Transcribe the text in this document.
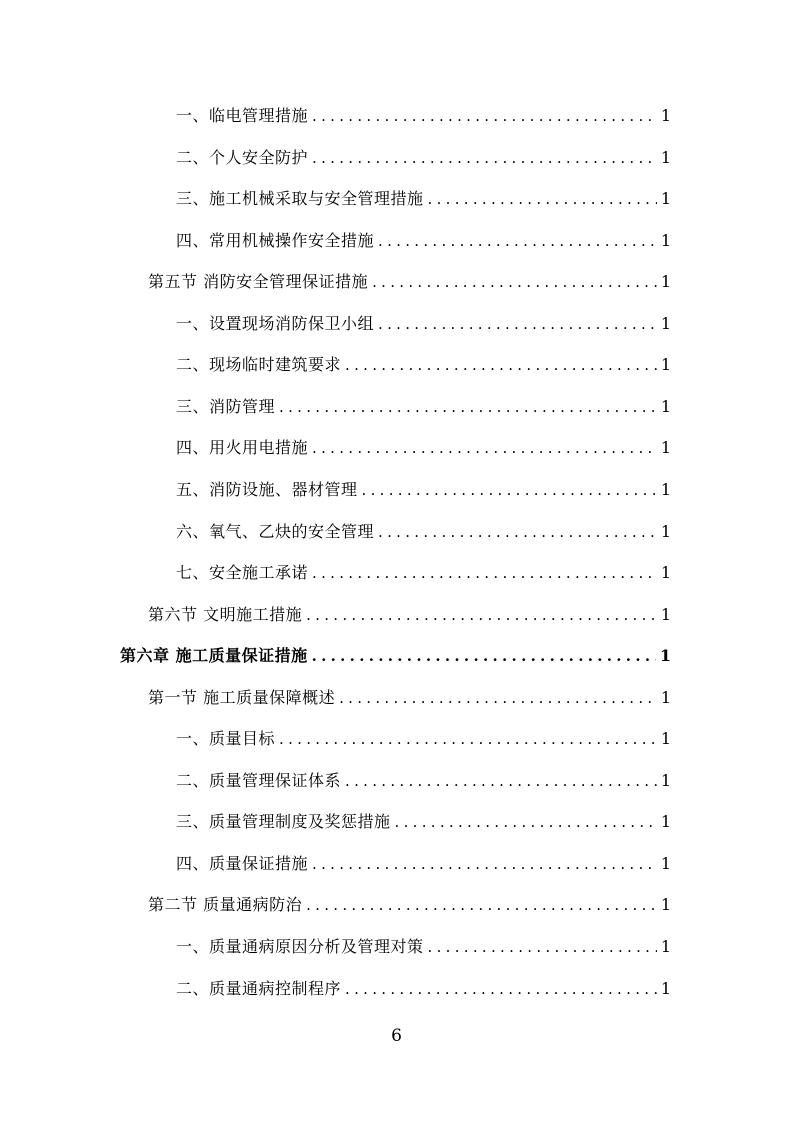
一、临电管理措施 .....	1
二、个人安全防护 .....	1
三、施工机械采取与安全管理措施 .....	1
四、常用机械操作安全措施 .....	1
第五节 消防安全管理保证措施 .....	1
一、设置现场消防保卫小组 .....	1
二、现场临时建筑要求 .....	1
三、消防管理 .....	1
四、用火用电措施 .....	1
五、消防设施、器材管理 .....	1
六、氧气、乙炔的安全管理 .....	1
七、安全施工承诺 .....	1
第六节 文明施工措施 .....	1
第六章 施工质量保证措施 .....	1
第一节 施工质量保障概述 .....	1
一、质量目标 .....	1
二、质量管理保证体系 .....	1
三、质量管理制度及奖惩措施 .....	1
四、质量保证措施 .....	1
第二节 质量通病防治 .....	1
一、质量通病原因分析及管理对策 .....	1
二、质量通病控制程序 .....	1
6
